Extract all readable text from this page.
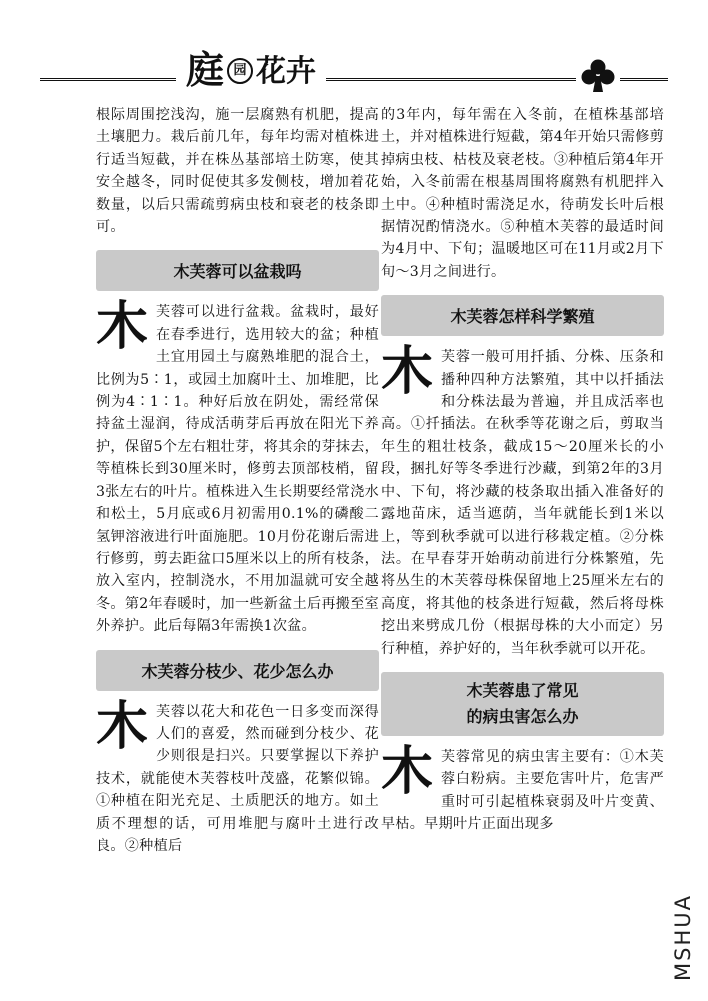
庭 园 花卉

根际周围挖浅沟，施一层腐熟有机肥，提高土壤肥力。栽后前几年，每年均需对植株进行适当短截，并在株丛基部培土防寒，使其安全越冬，同时促使其多发侧枝，增加着花数量，以后只需疏剪病虫枝和衰老的枝条即可。

木芙蓉可以盆栽吗

木芙蓉可以进行盆栽。盆栽时，最好在春季进行，选用较大的盆；种植土宜用园土与腐熟堆肥的混合土，比例为5∶1，或园土加腐叶土、加堆肥，比例为4∶1∶1。种好后放在阴处，需经常保持盆土湿润，待成活萌芽后再放在阳光下养护，保留5个左右粗壮芽，将其余的芽抹去，等植株长到30厘米时，修剪去顶部枝梢，留3张左右的叶片。植株进入生长期要经常浇水和松土，5月底或6月初需用0.1%的磷酸二氢钾溶液进行叶面施肥。10月份花谢后需进行修剪，剪去距盆口5厘米以上的所有枝条，放入室内，控制浇水，不用加温就可安全越冬。第2年春暖时，加一些新盆土后再搬至室外养护。此后每隔3年需换1次盆。

木芙蓉分枝少、花少怎么办

木芙蓉以花大和花色一日多变而深得人们的喜爱，然而碰到分枝少、花少则很是扫兴。只要掌握以下养护技术，就能使木芙蓉枝叶茂盛，花繁似锦。①种植在阳光充足、土质肥沃的地方。如土质不理想的话，可用堆肥与腐叶土进行改良。②种植后

的3年内，每年需在入冬前，在植株基部培土，并对植株进行短截，第4年开始只需修剪掉病虫枝、枯枝及衰老枝。③种植后第4年开始，入冬前需在根基周围将腐熟有机肥拌入土中。④种植时需浇足水，待萌发长叶后根据情况酌情浇水。⑤种植木芙蓉的最适时间为4月中、下旬；温暖地区可在11月或2月下旬～3月之间进行。

木芙蓉怎样科学繁殖

木芙蓉一般可用扦插、分株、压条和播种四种方法繁殖，其中以扦插法和分株法最为普遍，并且成活率也高。①扦插法。在秋季等花谢之后，剪取当年生的粗壮枝条，截成15～20厘米长的小段，捆扎好等冬季进行沙藏，到第2年的3月中、下旬，将沙藏的枝条取出插入准备好的露地苗床，适当遮荫，当年就能长到1米以上，等到秋季就可以进行移栽定植。②分株法。在早春芽开始萌动前进行分株繁殖，先将丛生的木芙蓉母株保留地上25厘米左右的高度，将其他的枝条进行短截，然后将母株挖出来劈成几份（根据母株的大小而定）另行种植，养护好的，当年秋季就可以开花。

木芙蓉患了常见
的病虫害怎么办

木芙蓉常见的病虫害主要有：①木芙蓉白粉病。主要危害叶片，危害严重时可引起植株衰弱及叶片变黄、早枯。早期叶片正面出现多

MSHUA
